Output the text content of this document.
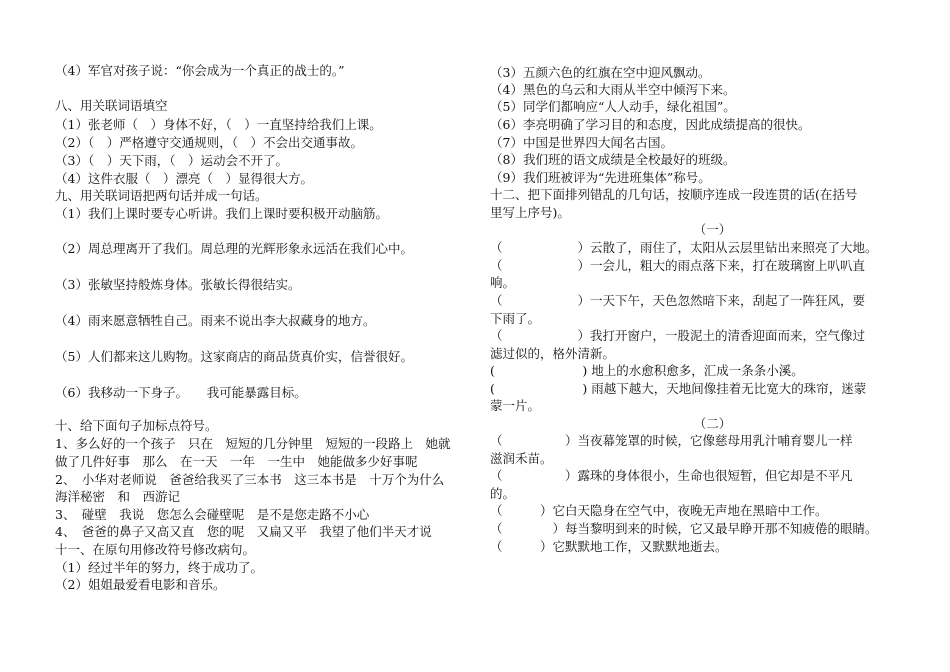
（4）军官对孩子说：“你会成为一个真正的战士的。”
八、用关联词语填空
（1）张老师（　）身体不好，（　）一直坚持给我们上课。
（2）（　）严格遵守交通规则，（　）不会出交通事故。
（3）（　）天下雨，（　）运动会不开了。
（4）这件衣服（　）漂亮（　）显得很大方。
九、用关联词语把两句话并成一句话。
（1）我们上课时要专心听讲。我们上课时要积极开动脑筋。
（2）周总理离开了我们。周总理的光辉形象永远活在我们心中。
（3）张敏坚持般炼身体。张敏长得很结实。
（4）雨来愿意牺牲自己。雨来不说出李大叔藏身的地方。
（5）人们都来这儿购物。这家商店的商品货真价实，信誉很好。
（6）我移动一下身子。　　我可能暴露目标。
十、给下面句子加标点符号。
1、多么好的一个孩子　只在　短短的几分钟里　短短的一段路上　她就
做了几件好事　那么　在一天　一年　一生中　她能做多少好事呢
2、　小华对老师说　爸爸给我买了三本书　这三本书是　十万个为什么
海洋秘密　和　西游记
3、　碰壁　我说　您怎么会碰壁呢　是不是您走路不小心
4、　爸爸的鼻子又高又直　您的呢　又扁又平　我望了他们半天才说
十一、在原句用修改符号修改病句。
（1）经过半年的努力，终于成功了。
（2）姐姐最爱看电影和音乐。
（3）五颜六色的红旗在空中迎风飘动。
（4）黑色的乌云和大雨从半空中倾泻下来。
（5）同学们都响应“人人动手，绿化祖国”。
（6）李亮明确了学习目的和态度，因此成绩提高的很快。
（7）中国是世界四大闻名古国。
（8）我们班的语文成绩是全校最好的班级。
（9）我们班被评为“先进班集体”称号。
十二、把下面排列错乱的几句话，按顺序连成一段连贯的话(在括号
里写上序号)。
（一）
（　　　　　　）云散了，雨住了，太阳从云层里钻出来照亮了大地。
（　　　　　　）一会儿，粗大的雨点落下来，打在玻璃窗上叭叭直
响。
（　　　　　　）一天下午，天色忽然暗下来，刮起了一阵狂风，要
下雨了。
（　　　　　　）我打开窗户，一股泥土的清香迎面而来，空气像过
滤过似的，格外清新。
(　　　　　　　) 地上的水愈积愈多，汇成一条条小溪。
(　　　　　　　) 雨越下越大，天地间像挂着无比宽大的珠帘，迷蒙
蒙一片。
（二）
（　　　　　）当夜幕笼罩的时候，它像慈母用乳汁哺育婴儿一样
滋润禾苗。
（　　　　　）露珠的身体很小，生命也很短暂，但它却是不平凡
的。
（　　　）它白天隐身在空气中，夜晚无声地在黑暗中工作。
（　　　　）每当黎明到来的时候，它又最早睁开那不知疲倦的眼睛。
（　　　）它默默地工作，又默默地逝去。
